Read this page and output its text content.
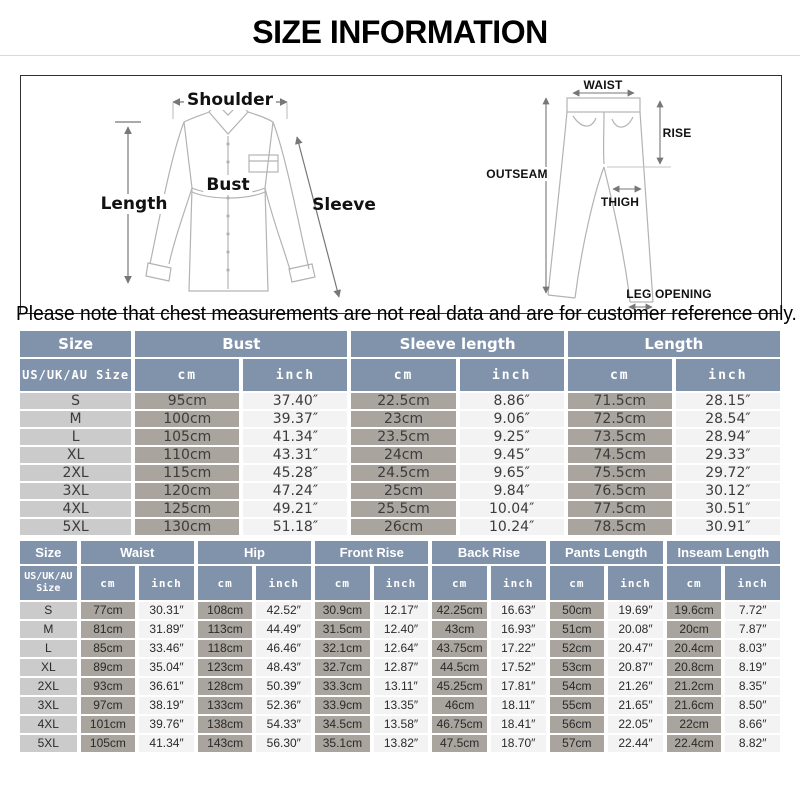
SIZE INFORMATION
Shoulder
Length
Bust
Sleeve
WAIST
RISE
OUTSEAM
THIGH
LEG OPENING
Please note that chest measurements are not real data and are for customer reference only.
Size	Bust		Sleeve length		Length	
US/UK/AU Size	cm	inch	cm	inch	cm	inch
S	95cm	37.40″	22.5cm	8.86″	71.5cm	28.15″
M	100cm	39.37″	23cm	9.06″	72.5cm	28.54″
L	105cm	41.34″	23.5cm	9.25″	73.5cm	28.94″
XL	110cm	43.31″	24cm	9.45″	74.5cm	29.33″
2XL	115cm	45.28″	24.5cm	9.65″	75.5cm	29.72″
3XL	120cm	47.24″	25cm	9.84″	76.5cm	30.12″
4XL	125cm	49.21″	25.5cm	10.04″	77.5cm	30.51″
5XL	130cm	51.18″	26cm	10.24″	78.5cm	30.91″
Size	Waist		Hip		Front Rise		Back Rise		Pants Length		Inseam Length	
US/UK/AU Size	cm	inch	cm	inch	cm	inch	cm	inch	cm	inch	cm	inch
S	77cm	30.31″	108cm	42.52″	30.9cm	12.17″	42.25cm	16.63″	50cm	19.69″	19.6cm	7.72″
M	81cm	31.89″	113cm	44.49″	31.5cm	12.40″	43cm	16.93″	51cm	20.08″	20cm	7.87″
L	85cm	33.46″	118cm	46.46″	32.1cm	12.64″	43.75cm	17.22″	52cm	20.47″	20.4cm	8.03″
XL	89cm	35.04″	123cm	48.43″	32.7cm	12.87″	44.5cm	17.52″	53cm	20.87″	20.8cm	8.19″
2XL	93cm	36.61″	128cm	50.39″	33.3cm	13.11″	45.25cm	17.81″	54cm	21.26″	21.2cm	8.35″
3XL	97cm	38.19″	133cm	52.36″	33.9cm	13.35″	46cm	18.11″	55cm	21.65″	21.6cm	8.50″
4XL	101cm	39.76″	138cm	54.33″	34.5cm	13.58″	46.75cm	18.41″	56cm	22.05″	22cm	8.66″
5XL	105cm	41.34″	143cm	56.30″	35.1cm	13.82″	47.5cm	18.70″	57cm	22.44″	22.4cm	8.82″
